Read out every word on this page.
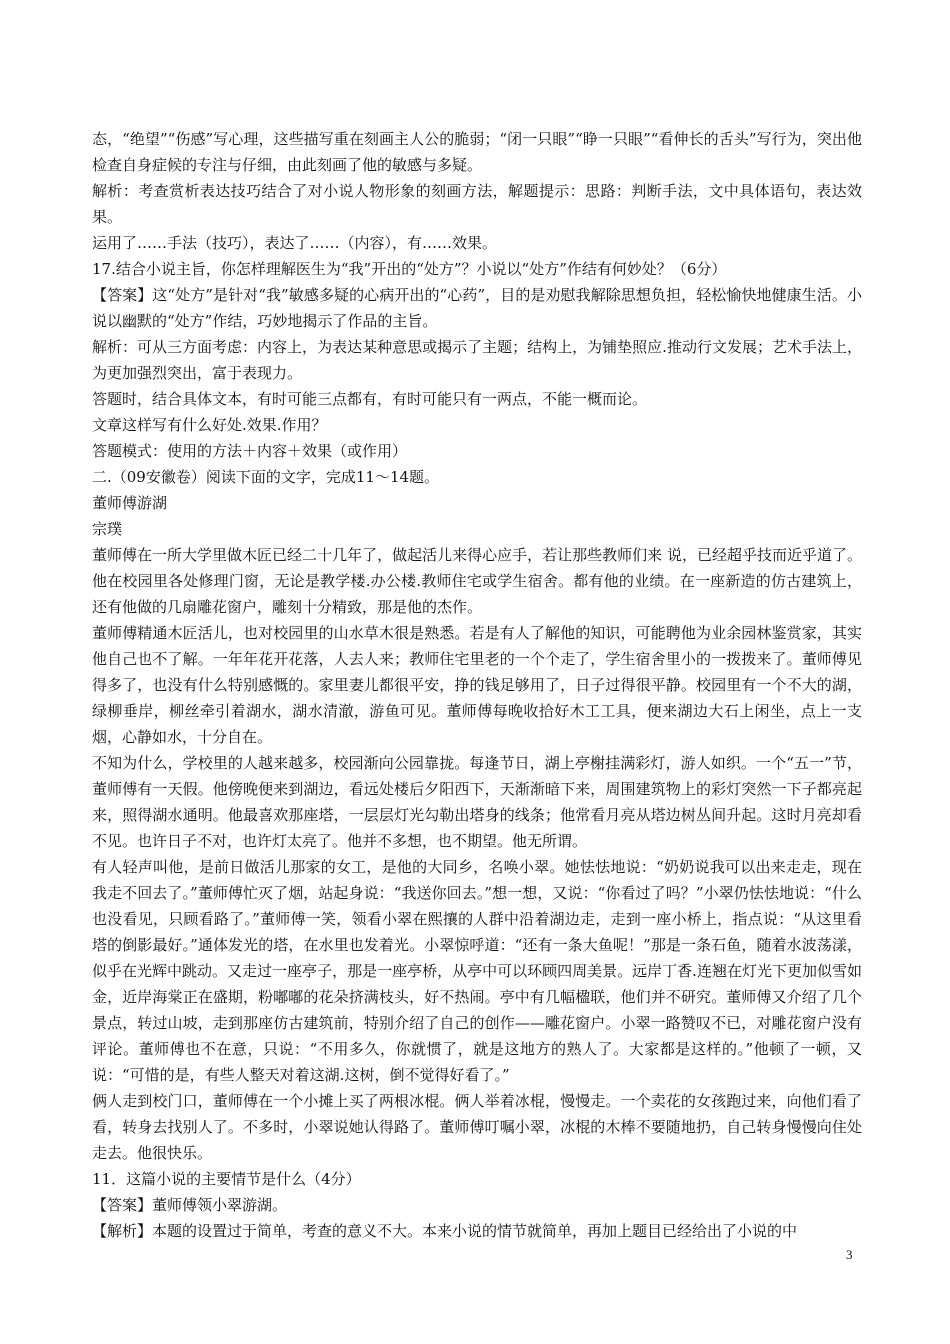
态，“绝望”“伤感”写心理，这些描写重在刻画主人公的脆弱；“闭一只眼”“睁一只眼”“看伸长的舌头”写行为，突出他检查自身症候的专注与仔细，由此刻画了他的敏感与多疑。

解析：考查赏析表达技巧结合了对小说人物形象的刻画方法，解题提示：思路：判断手法，文中具体语句，表达效果。

运用了……手法（技巧），表达了……（内容），有……效果。

17.结合小说主旨，你怎样理解医生为“我”开出的“处方”？小说以“处方”作结有何妙处？（6分）

【答案】这“处方”是针对“我”敏感多疑的心病开出的“心药”，目的是劝慰我解除思想负担，轻松愉快地健康生活。小说以幽默的“处方”作结，巧妙地揭示了作品的主旨。

解析：可从三方面考虑：内容上，为表达某种意思或揭示了主题；结构上，为铺垫照应.推动行文发展；艺术手法上，为更加强烈突出，富于表现力。

答题时，结合具体文本，有时可能三点都有，有时可能只有一两点，不能一概而论。

文章这样写有什么好处.效果.作用？

答题模式：使用的方法＋内容＋效果（或作用）

二.（09安徽卷）阅读下面的文字，完成11～14题。

董师傅游湖

宗璞

董师傅在一所大学里做木匠已经二十几年了，做起活儿来得心应手，若让那些教师们来 说，已经超乎技而近乎道了。他在校园里各处修理门窗，无论是教学楼.办公楼.教师住宅或学生宿舍。都有他的业绩。在一座新造的仿古建筑上，还有他做的几扇雕花窗户，雕刻十分精致，那是他的杰作。

董师傅精通木匠活儿，也对校园里的山水草木很是熟悉。若是有人了解他的知识，可能聘他为业余园林鉴赏家，其实他自己也不了解。一年年花开花落，人去人来；教师住宅里老的一个个走了，学生宿舍里小的一拨拨来了。董师傅见得多了，也没有什么特别感慨的。家里妻儿都很平安，挣的钱足够用了，日子过得很平静。校园里有一个不大的湖，绿柳垂岸，柳丝牵引着湖水，湖水清澈，游鱼可见。董师傅每晚收拾好木工工具，便来湖边大石上闲坐，点上一支烟，心静如水，十分自在。

不知为什么，学校里的人越来越多，校园渐向公园靠拢。每逢节日，湖上亭榭挂满彩灯，游人如织。一个“五一”节，董师傅有一天假。他傍晚便来到湖边，看远处楼后夕阳西下，天渐渐暗下来，周围建筑物上的彩灯突然一下子都亮起来，照得湖水通明。他最喜欢那座塔，一层层灯光勾勒出塔身的线条；他常看月亮从塔边树丛间升起。这时月亮却看不见。也许日子不对，也许灯太亮了。他并不多想，也不期望。他无所谓。

有人轻声叫他，是前日做活儿那家的女工，是他的大同乡，名唤小翠。她怯怯地说：“奶奶说我可以出来走走，现在我走不回去了。”董师傅忙灭了烟，站起身说：“我送你回去。”想一想，又说：“你看过了吗？”小翠仍怯怯地说：“什么也没看见，只顾看路了。”董师傅一笑，领看小翠在熙攘的人群中沿着湖边走，走到一座小桥上，指点说：“从这里看塔的倒影最好。”通体发光的塔，在水里也发着光。小翠惊呼道：“还有一条大鱼呢！”那是一条石鱼，随着水波荡漾，似乎在光辉中跳动。又走过一座亭子，那是一座亭桥，从亭中可以环顾四周美景。远岸丁香.连翘在灯光下更加似雪如金，近岸海棠正在盛期，粉嘟嘟的花朵挤满枝头，好不热闹。亭中有几幅楹联，他们并不研究。董师傅又介绍了几个景点，转过山坡，走到那座仿古建筑前，特别介绍了自己的创作——雕花窗户。小翠一路赞叹不已，对雕花窗户没有评论。董师傅也不在意，只说：“不用多久，你就惯了，就是这地方的熟人了。大家都是这样的。”他顿了一顿，又说：“可惜的是，有些人整天对着这湖.这树，倒不觉得好看了。”

俩人走到校门口，董师傅在一个小摊上买了两根冰棍。俩人举着冰棍，慢慢走。一个卖花的女孩跑过来，向他们看了看，转身去找别人了。不多时，小翠说她认得路了。董师傅叮嘱小翠，冰棍的木棒不要随地扔，自己转身慢慢向住处走去。他很快乐。

11．这篇小说的主要情节是什么（4分）

【答案】董师傅领小翠游湖。

【解析】本题的设置过于简单，考查的意义不大。本来小说的情节就简单，再加上题目已经给出了小说的中

3
